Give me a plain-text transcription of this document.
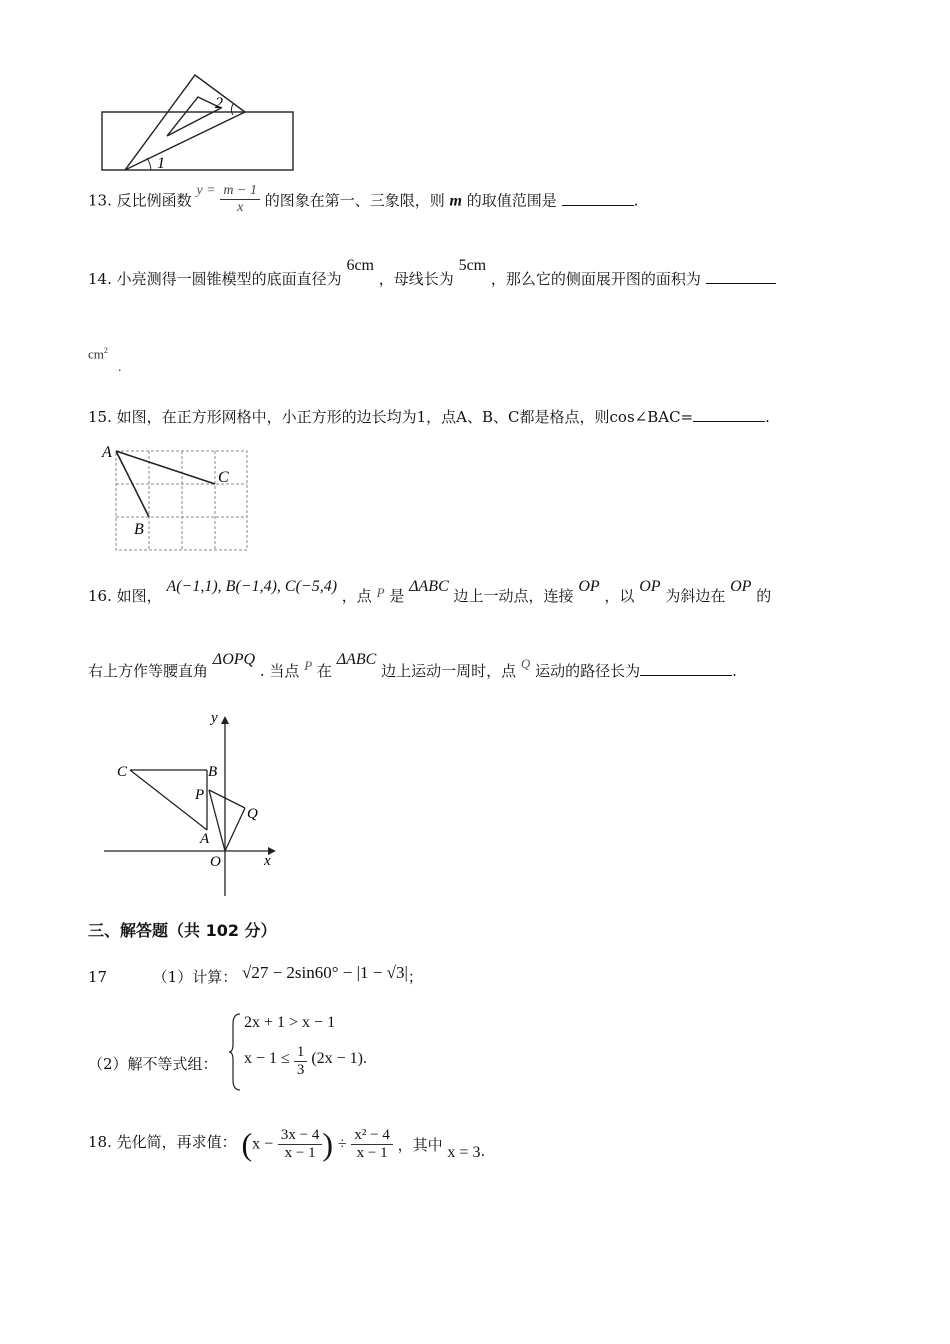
1
2
13. 反比例函数 $y = \frac{m - 1}{x}$ 的图象在第一、三象限，则 m 的取值范围是	.
14. 小亮测得一圆锥模型的底面直径为 6cm ，母线长为 5cm ，那么它的侧面展开图的面积为
$cm^2$
.
15. 如图，在正方形网格中，小正方形的边长均为1，点A、B、C都是格点，则cos∠BAC=	.
A
C
B
16. 如图， A(−1,1), B(−1,4), C(−5,4) ，点 P 是 ΔABC 边上一动点，连接 OP ，以 OP 为斜边在 OP 的
右上方作等腰直角 ΔOPQ . 当点 P 在 ΔABC 边上运动一周时，点 Q 运动的路径长为	.
y
x
O
C	B
P
Q
A
三、解答题（共 102 分）
17	（1）计算： √27 − 2sin60° − |1 − √3|；
（2）解不等式组：
2x + 1 > x − 1
$x - 1 \le \frac{1}{3} (2x - 1)$.
18. 先化简，再求值： ($x - \frac{3x - 4}{x - 1}$ ) ÷ $\frac{\text{x² − 4}}{x - 1}$ ，其中 x = 3.
